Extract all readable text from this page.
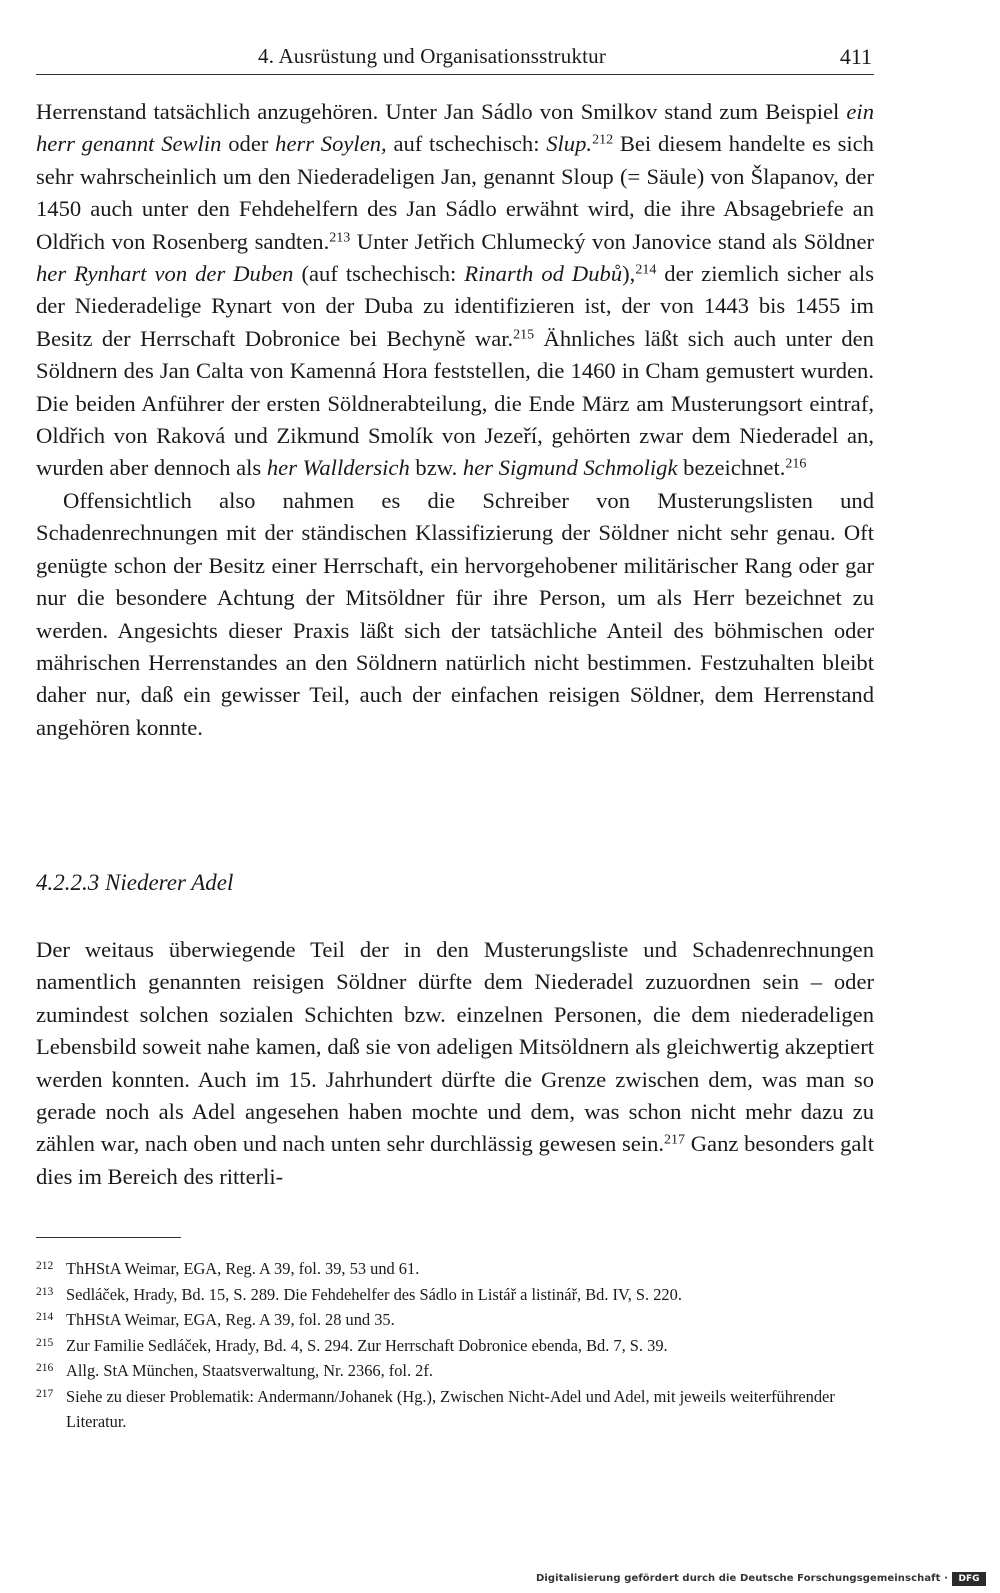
4. Ausrüstung und Organisationsstruktur	411

Herrenstand tatsächlich anzugehören. Unter Jan Sádlo von Smilkov stand zum Beispiel ein herr genannt Sewlin oder herr Soylen, auf tschechisch: Slup.$^{212}$ Bei diesem handelte es sich sehr wahrscheinlich um den Niederadeligen Jan, genannt Sloup (= Säule) von Šlapanov, der 1450 auch unter den Fehdehelfern des Jan Sádlo erwähnt wird, die ihre Absagebriefe an Oldřich von Rosenberg sandten.$^{213}$ Unter Jetřich Chlumecký von Janovice stand als Söldner her Rynhart von der Duben (auf tschechisch: Rinarth od Dubů),$^{214}$ der ziemlich sicher als der Niederadelige Rynart von der Duba zu identifizieren ist, der von 1443 bis 1455 im Besitz der Herrschaft Dobronice bei Bechyně war.$^{215}$ Ähnliches läßt sich auch unter den Söldnern des Jan Calta von Kamenná Hora feststellen, die 1460 in Cham gemustert wurden. Die beiden Anführer der ersten Söldnerabteilung, die Ende März am Musterungsort eintraf, Oldřich von Raková und Zikmund Smolík von Jezeří, gehörten zwar dem Niederadel an, wurden aber dennoch als her Walldersich bzw. her Sigmund Schmoligk bezeichnet.$^{216}$

Offensichtlich also nahmen es die Schreiber von Musterungslisten und Schadenrechnungen mit der ständischen Klassifizierung der Söldner nicht sehr genau. Oft genügte schon der Besitz einer Herrschaft, ein hervorgehobener militärischer Rang oder gar nur die besondere Achtung der Mitsöldner für ihre Person, um als Herr bezeichnet zu werden. Angesichts dieser Praxis läßt sich der tatsächliche Anteil des böhmischen oder mährischen Herrenstandes an den Söldnern natürlich nicht bestimmen. Festzuhalten bleibt daher nur, daß ein gewisser Teil, auch der einfachen reisigen Söldner, dem Herrenstand angehören konnte.

4.2.2.3 Niederer Adel

Der weitaus überwiegende Teil der in den Musterungsliste und Schadenrechnungen namentlich genannten reisigen Söldner dürfte dem Niederadel zuzuordnen sein – oder zumindest solchen sozialen Schichten bzw. einzelnen Personen, die dem niederadeligen Lebensbild soweit nahe kamen, daß sie von adeligen Mitsöldnern als gleichwertig akzeptiert werden konnten. Auch im 15. Jahrhundert dürfte die Grenze zwischen dem, was man so gerade noch als Adel angesehen haben mochte und dem, was schon nicht mehr dazu zu zählen war, nach oben und nach unten sehr durchlässig gewesen sein.$^{217}$ Ganz besonders galt dies im Bereich des ritterli-

212 ThHStA Weimar, EGA, Reg. A 39, fol. 39, 53 und 61.
213 Sedláček, Hrady, Bd. 15, S. 289. Die Fehdehelfer des Sádlo in Listář a listinář, Bd. IV, S. 220.
214 ThHStA Weimar, EGA, Reg. A 39, fol. 28 und 35.
215 Zur Familie Sedláček, Hrady, Bd. 4, S. 294. Zur Herrschaft Dobronice ebenda, Bd. 7, S. 39.
216 Allg. StA München, Staatsverwaltung, Nr. 2366, fol. 2f.
217 Siehe zu dieser Problematik: Andermann/Johanek (Hg.), Zwischen Nicht-Adel und Adel, mit jeweils weiterführender Literatur.
Digitalisierung gefördert durch die Deutsche Forschungsgemeinschaft ·	DFG
